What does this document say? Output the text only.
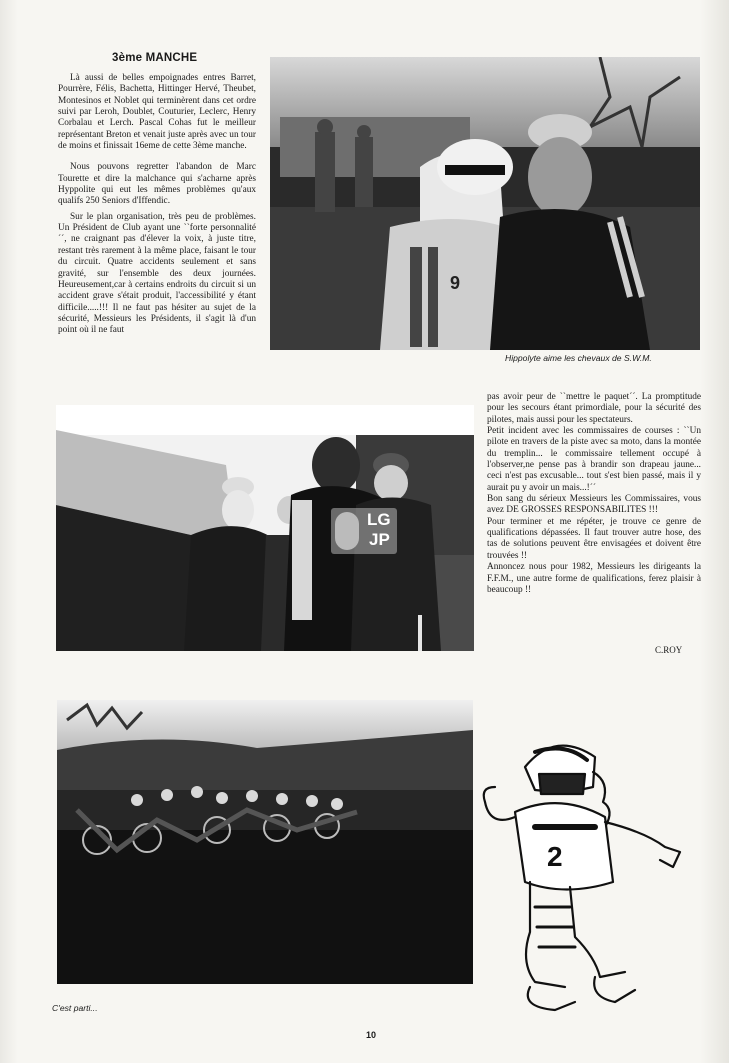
3ème MANCHE

Là aussi de belles empoignades entres Barret, Pourrère, Félis, Bachetta, Hittinger Hervé, Theubet, Montesinos et Noblet qui terminèrent dans cet ordre suivi par Leroh, Doublet, Couturier, Leclerc, Henry Corbalau et Lerch. Pascal Cohas fut le meilleur représentant Breton et venait juste après avec un tour de moins et finissait 16eme de cette 3ème manche.

Nous pouvons regretter l'abandon de Marc Tourette et dire la malchance qui s'acharne après Hyppolite qui eut les mêmes problèmes qu'aux qualifs 250 Seniors d'Iffendic.

Sur le plan organisation, très peu de problèmes. Un Président de Club ayant une ``forte personnalité´´, ne craignant pas d'élever la voix, à juste titre, restant très rarement à la même place, faisant le tour du circuit. Quatre accidents seulement et sans gravité, sur l'ensemble des deux journées. Heureusement,car à certains endroits du circuit si un accident grave s'était produit, l'accessibilité y étant difficile.....!!! Il ne faut pas hésiter au sujet de la sécurité, Messieurs les Présidents, il s'agit là d'un point où il ne faut

9
Hippolyte aime les chevaux de S.W.M.
LG
JP

pas avoir peur de ``mettre le paquet´´. La promptitude pour les secours étant primordiale, pour la sécurité des pilotes, mais aussi pour les spectateurs.

Petit incident avec les commissaires de courses : ``Un pilote en travers de la piste avec sa moto, dans la montée du tremplin... le commissaire tellement occupé à l'observer,ne pense pas à brandir son drapeau jaune... ceci n'est pas excusable... tout s'est bien passé, mais il y aurait pu y avoir un mais...!´´

Bon sang du sérieux Messieurs les Commissaires, vous avez DE GROSSES RESPONSABILITES !!!

Pour terminer et me répéter, je trouve ce genre de qualifications dépassées. Il faut trouver autre hose, des tas de solutions peuvent être envisagées et doivent être trouvées !!

Annoncez nous pour 1982, Messieurs les dirigeants la F.F.M., une autre forme de qualifications, ferez plaisir à beaucoup !!

C.ROY
C'est parti...
2
10
